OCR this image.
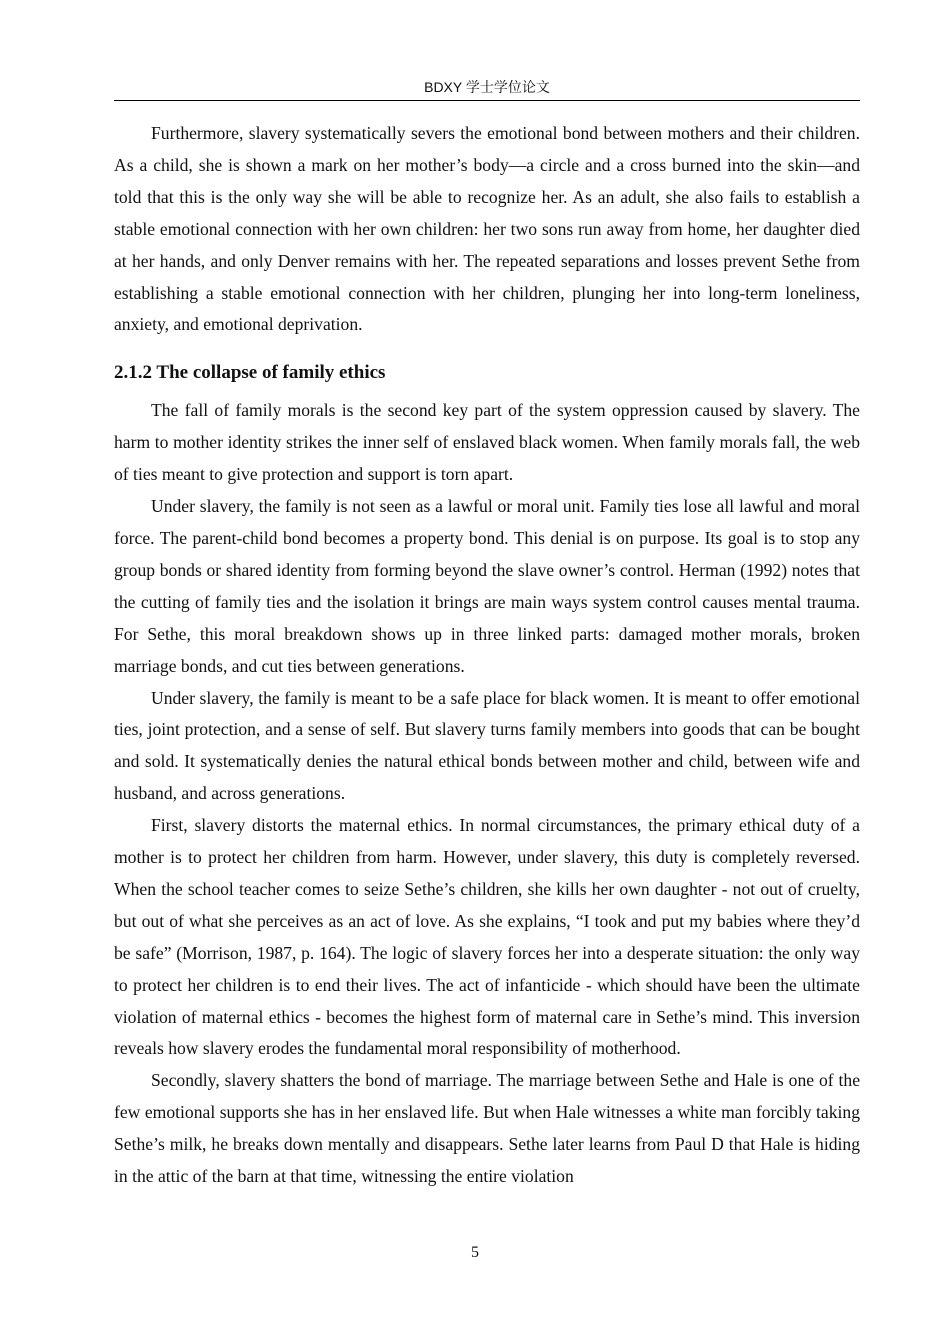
BDXY 学士学位论文

Furthermore, slavery systematically severs the emotional bond between mothers and their children. As a child, she is shown a mark on her mother’s body—a circle and a cross burned into the skin—and told that this is the only way she will be able to recognize her. As an adult, she also fails to establish a stable emotional connection with her own children: her two sons run away from home, her daughter died at her hands, and only Denver remains with her. The repeated separations and losses prevent Sethe from establishing a stable emotional connection with her children, plunging her into long-term loneliness, anxiety, and emotional deprivation.

2.1.2 The collapse of family ethics

The fall of family morals is the second key part of the system oppression caused by slavery. The harm to mother identity strikes the inner self of enslaved black women. When family morals fall, the web of ties meant to give protection and support is torn apart.

Under slavery, the family is not seen as a lawful or moral unit. Family ties lose all lawful and moral force. The parent-child bond becomes a property bond. This denial is on purpose. Its goal is to stop any group bonds or shared identity from forming beyond the slave owner’s control. Herman (1992) notes that the cutting of family ties and the isolation it brings are main ways system control causes mental trauma. For Sethe, this moral breakdown shows up in three linked parts: damaged mother morals, broken marriage bonds, and cut ties between generations.

Under slavery, the family is meant to be a safe place for black women. It is meant to offer emotional ties, joint protection, and a sense of self. But slavery turns family members into goods that can be bought and sold. It systematically denies the natural ethical bonds between mother and child, between wife and husband, and across generations.

First, slavery distorts the maternal ethics. In normal circumstances, the primary ethical duty of a mother is to protect her children from harm. However, under slavery, this duty is completely reversed. When the school teacher comes to seize Sethe’s children, she kills her own daughter - not out of cruelty, but out of what she perceives as an act of love. As she explains, “I took and put my babies where they’d be safe” (Morrison, 1987, p. 164). The logic of slavery forces her into a desperate situation: the only way to protect her children is to end their lives. The act of infanticide - which should have been the ultimate violation of maternal ethics - becomes the highest form of maternal care in Sethe’s mind. This inversion reveals how slavery erodes the fundamental moral responsibility of motherhood.

Secondly, slavery shatters the bond of marriage. The marriage between Sethe and Hale is one of the few emotional supports she has in her enslaved life. But when Hale witnesses a white man forcibly taking Sethe’s milk, he breaks down mentally and disappears. Sethe later learns from Paul D that Hale is hiding in the attic of the barn at that time, witnessing the entire violation

5
